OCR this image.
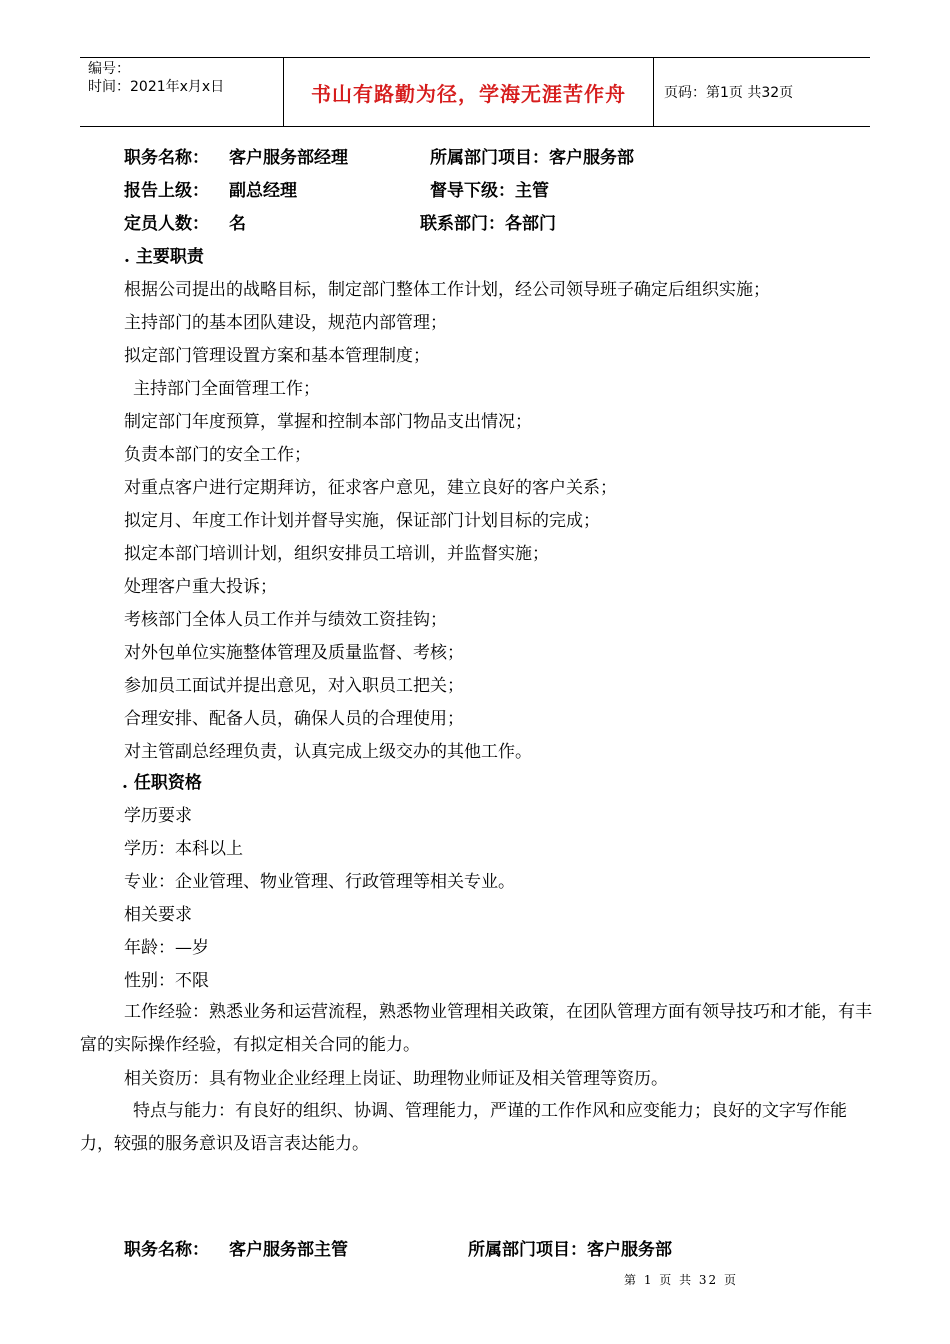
编号：
时间：2021年x月x日	书山有路勤为径，学海无涯苦作舟	页码：第1页 共32页
职务名称： 客户服务部经理	所属部门项目：客户服务部
报告上级： 副总经理	督导下级：主管
定员人数： 名	联系部门：各部门
. 主要职责
根据公司提出的战略目标，制定部门整体工作计划，经公司领导班子确定后组织实施；
主持部门的基本团队建设，规范内部管理；
拟定部门管理设置方案和基本管理制度；
主持部门全面管理工作；
制定部门年度预算，掌握和控制本部门物品支出情况；
负责本部门的安全工作；
对重点客户进行定期拜访，征求客户意见，建立良好的客户关系；
拟定月、年度工作计划并督导实施，保证部门计划目标的完成；
拟定本部门培训计划，组织安排员工培训，并监督实施；
处理客户重大投诉；
考核部门全体人员工作并与绩效工资挂钩；
对外包单位实施整体管理及质量监督、考核；
参加员工面试并提出意见，对入职员工把关；
合理安排、配备人员，确保人员的合理使用；
对主管副总经理负责，认真完成上级交办的其他工作。
. 任职资格
学历要求
学历：本科以上
专业：企业管理、物业管理、行政管理等相关专业。
相关要求
年龄：—岁
性别：不限
工作经验：熟悉业务和运营流程，熟悉物业管理相关政策，在团队管理方面有领导技巧和才能，有丰富的实际操作经验，有拟定相关合同的能力。
相关资历：具有物业企业经理上岗证、助理物业师证及相关管理等资历。
特点与能力：有良好的组织、协调、管理能力，严谨的工作作风和应变能力；良好的文字写作能力，较强的服务意识及语言表达能力。
职务名称： 客户服务部主管	所属部门项目：客户服务部
第 1 页 共 32 页
